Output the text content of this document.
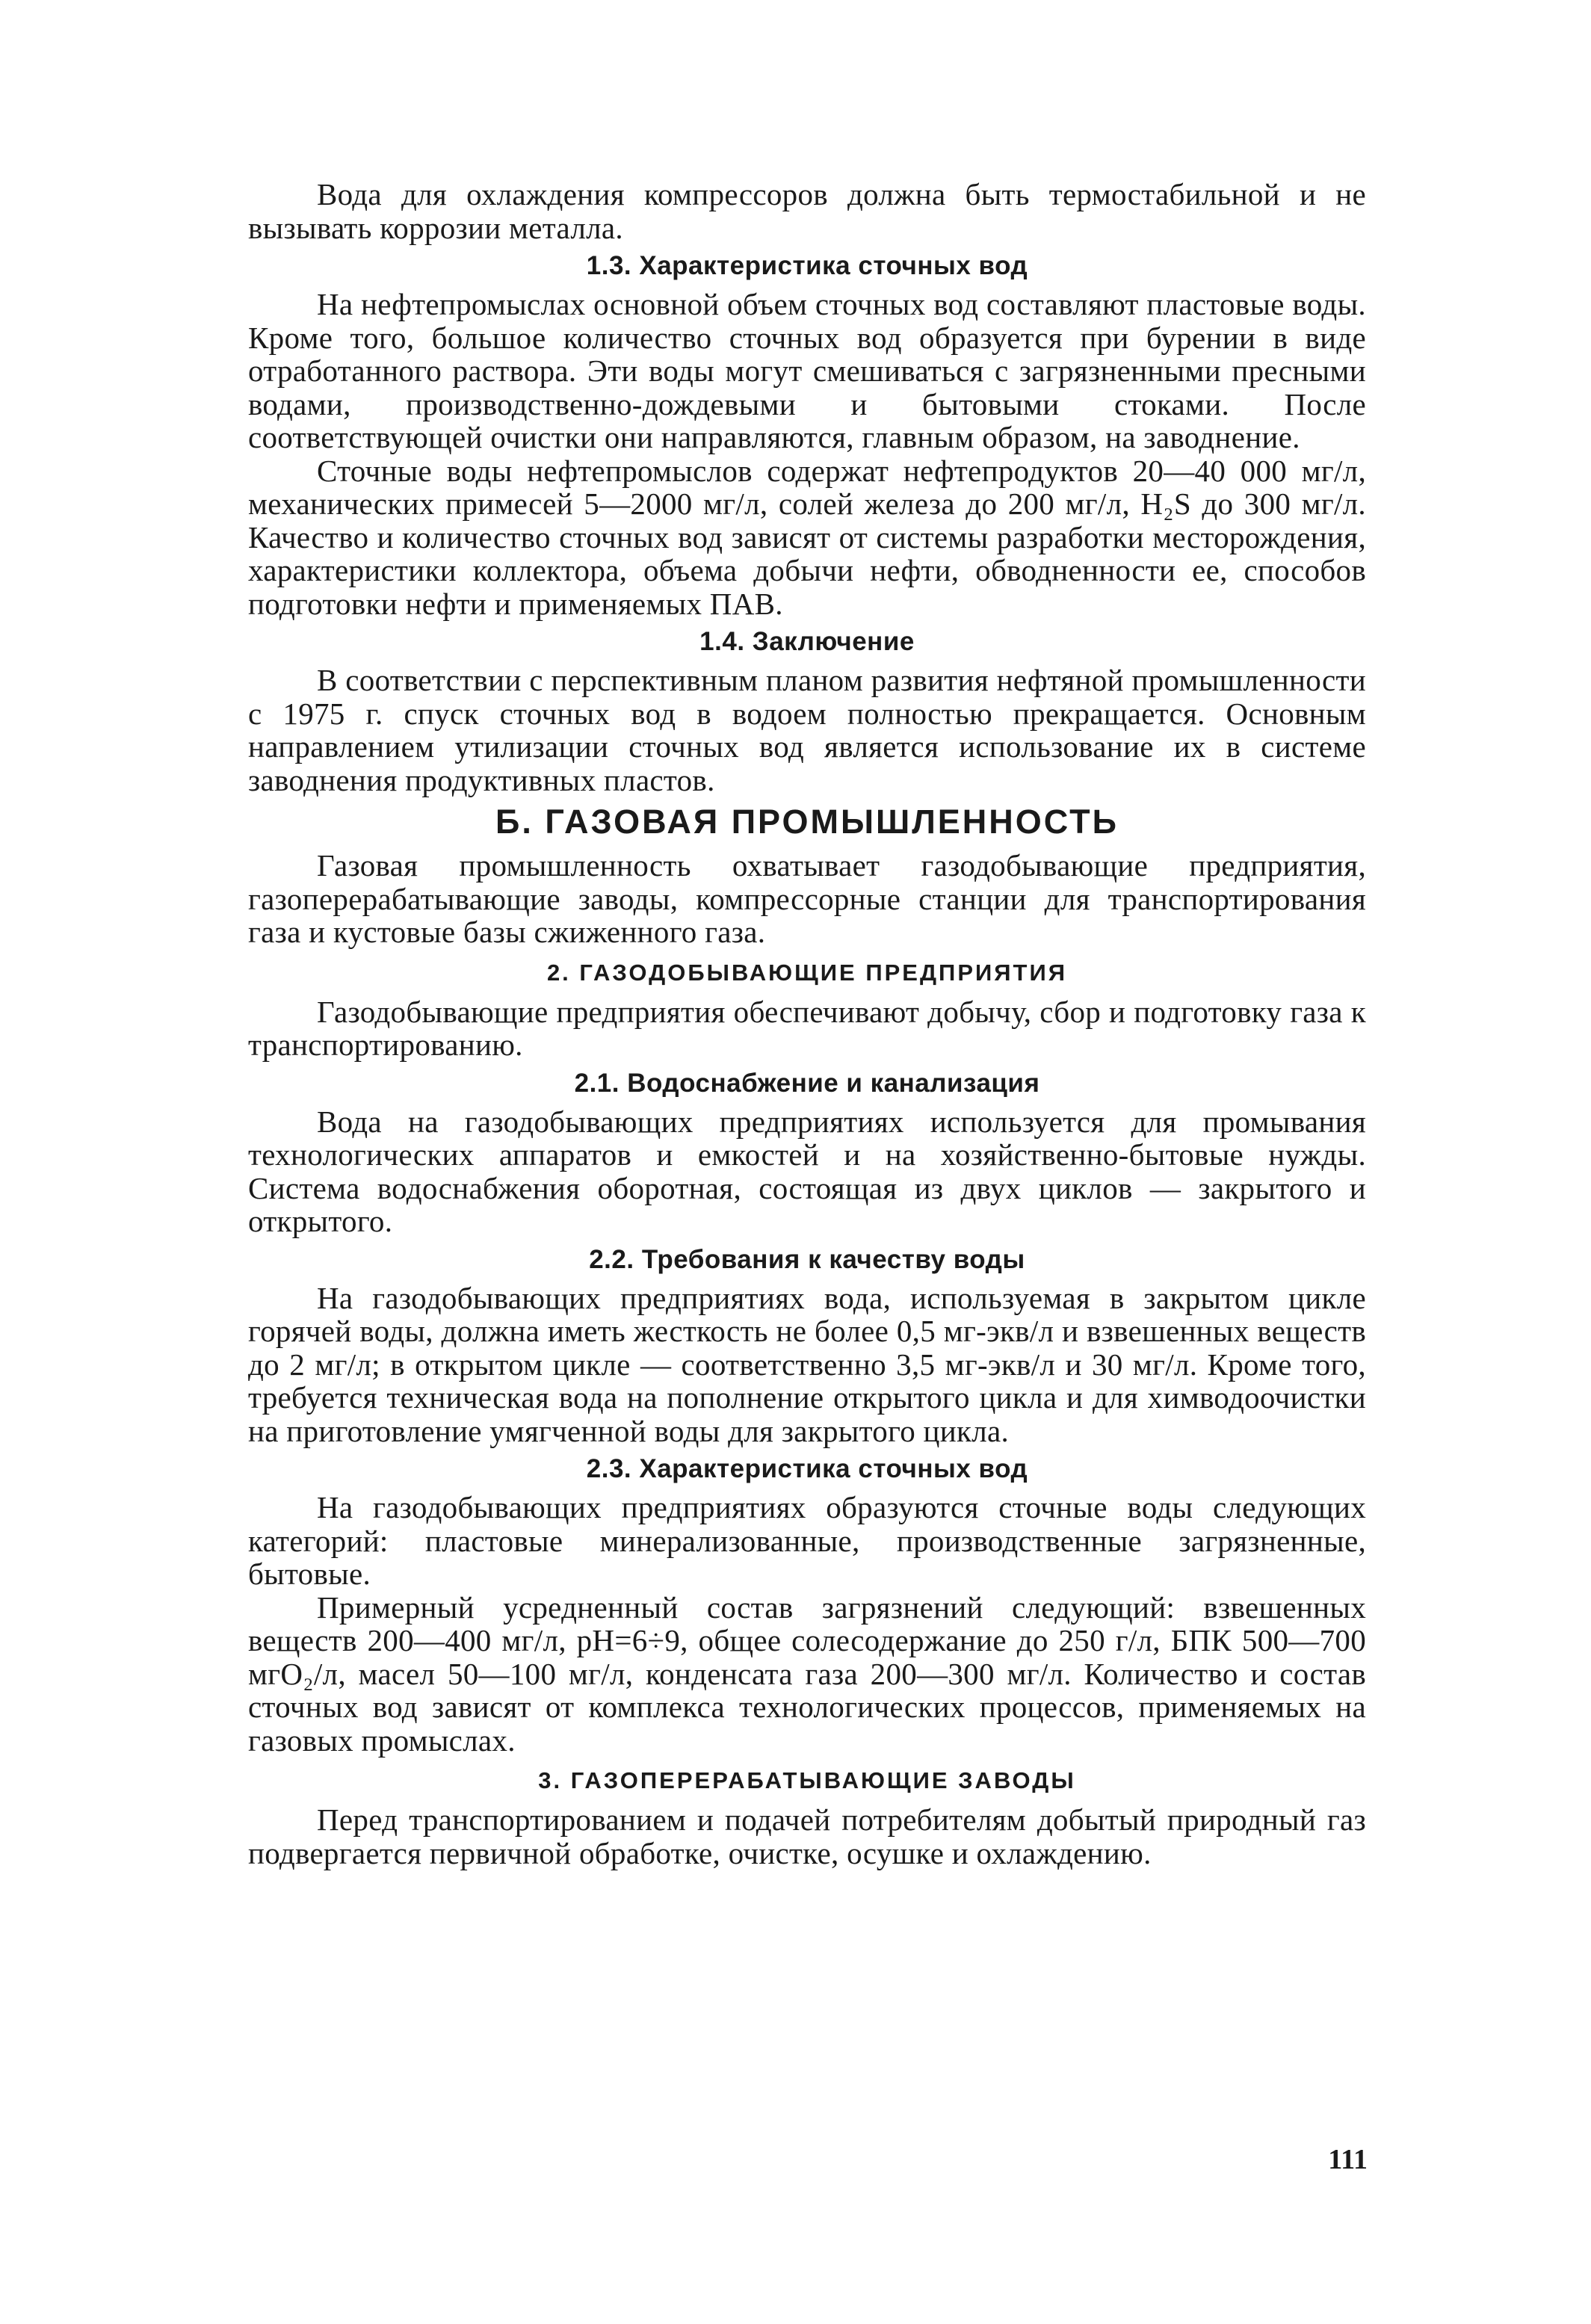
Вода для охлаждения компрессоров должна быть термостабильной и не вызывать коррозии металла.

1.3. Характеристика сточных вод

На нефтепромыслах основной объем сточных вод составляют пластовые воды. Кроме того, большое количество сточных вод образуется при бурении в виде отработанного раствора. Эти воды могут смешиваться с загрязненными пресными водами, производственно-дождевыми и бытовыми стоками. После соответствующей очистки они направляются, главным образом, на заводнение.

Сточные воды нефтепромыслов содержат нефтепродуктов 20—40 000 мг/л, механических примесей 5—2000 мг/л, солей железа до 200 мг/л, H₂S до 300 мг/л. Качество и количество сточных вод зависят от системы разработки месторождения, характеристики коллектора, объема добычи нефти, обводненности ее, способов подготовки нефти и применяемых ПАВ.

1.4. Заключение

В соответствии с перспективным планом развития нефтяной промышленности с 1975 г. спуск сточных вод в водоем полностью прекращается. Основным направлением утилизации сточных вод является использование их в системе заводнения продуктивных пластов.

Б. ГАЗОВАЯ ПРОМЫШЛЕННОСТЬ

Газовая промышленность охватывает газодобывающие предприятия, газоперерабатывающие заводы, компрессорные станции для транспортирования газа и кустовые базы сжиженного газа.

2. ГАЗОДОБЫВАЮЩИЕ ПРЕДПРИЯТИЯ

Газодобывающие предприятия обеспечивают добычу, сбор и подготовку газа к транспортированию.

2.1. Водоснабжение и канализация

Вода на газодобывающих предприятиях используется для промывания технологических аппаратов и емкостей и на хозяйственно-бытовые нужды. Система водоснабжения оборотная, состоящая из двух циклов — закрытого и открытого.

2.2. Требования к качеству воды

На газодобывающих предприятиях вода, используемая в закрытом цикле горячей воды, должна иметь жесткость не более 0,5 мг-экв/л и взвешенных веществ до 2 мг/л; в открытом цикле — соответственно 3,5 мг-экв/л и 30 мг/л. Кроме того, требуется техническая вода на пополнение открытого цикла и для химводоочистки на приготовление умягченной воды для закрытого цикла.

2.3. Характеристика сточных вод

На газодобывающих предприятиях образуются сточные воды следующих категорий: пластовые минерализованные, производственные загрязненные, бытовые.

Примерный усредненный состав загрязнений следующий: взвешенных веществ 200—400 мг/л, pH=6÷9, общее солесодержание до 250 г/л, БПК 500—700 мгO₂/л, масел 50—100 мг/л, конденсата газа 200—300 мг/л. Количество и состав сточных вод зависят от комплекса технологических процессов, применяемых на газовых промыслах.

3. ГАЗОПЕРЕРАБАТЫВАЮЩИЕ ЗАВОДЫ

Перед транспортированием и подачей потребителям добытый природный газ подвергается первичной обработке, очистке, осушке и охлаждению.

111
